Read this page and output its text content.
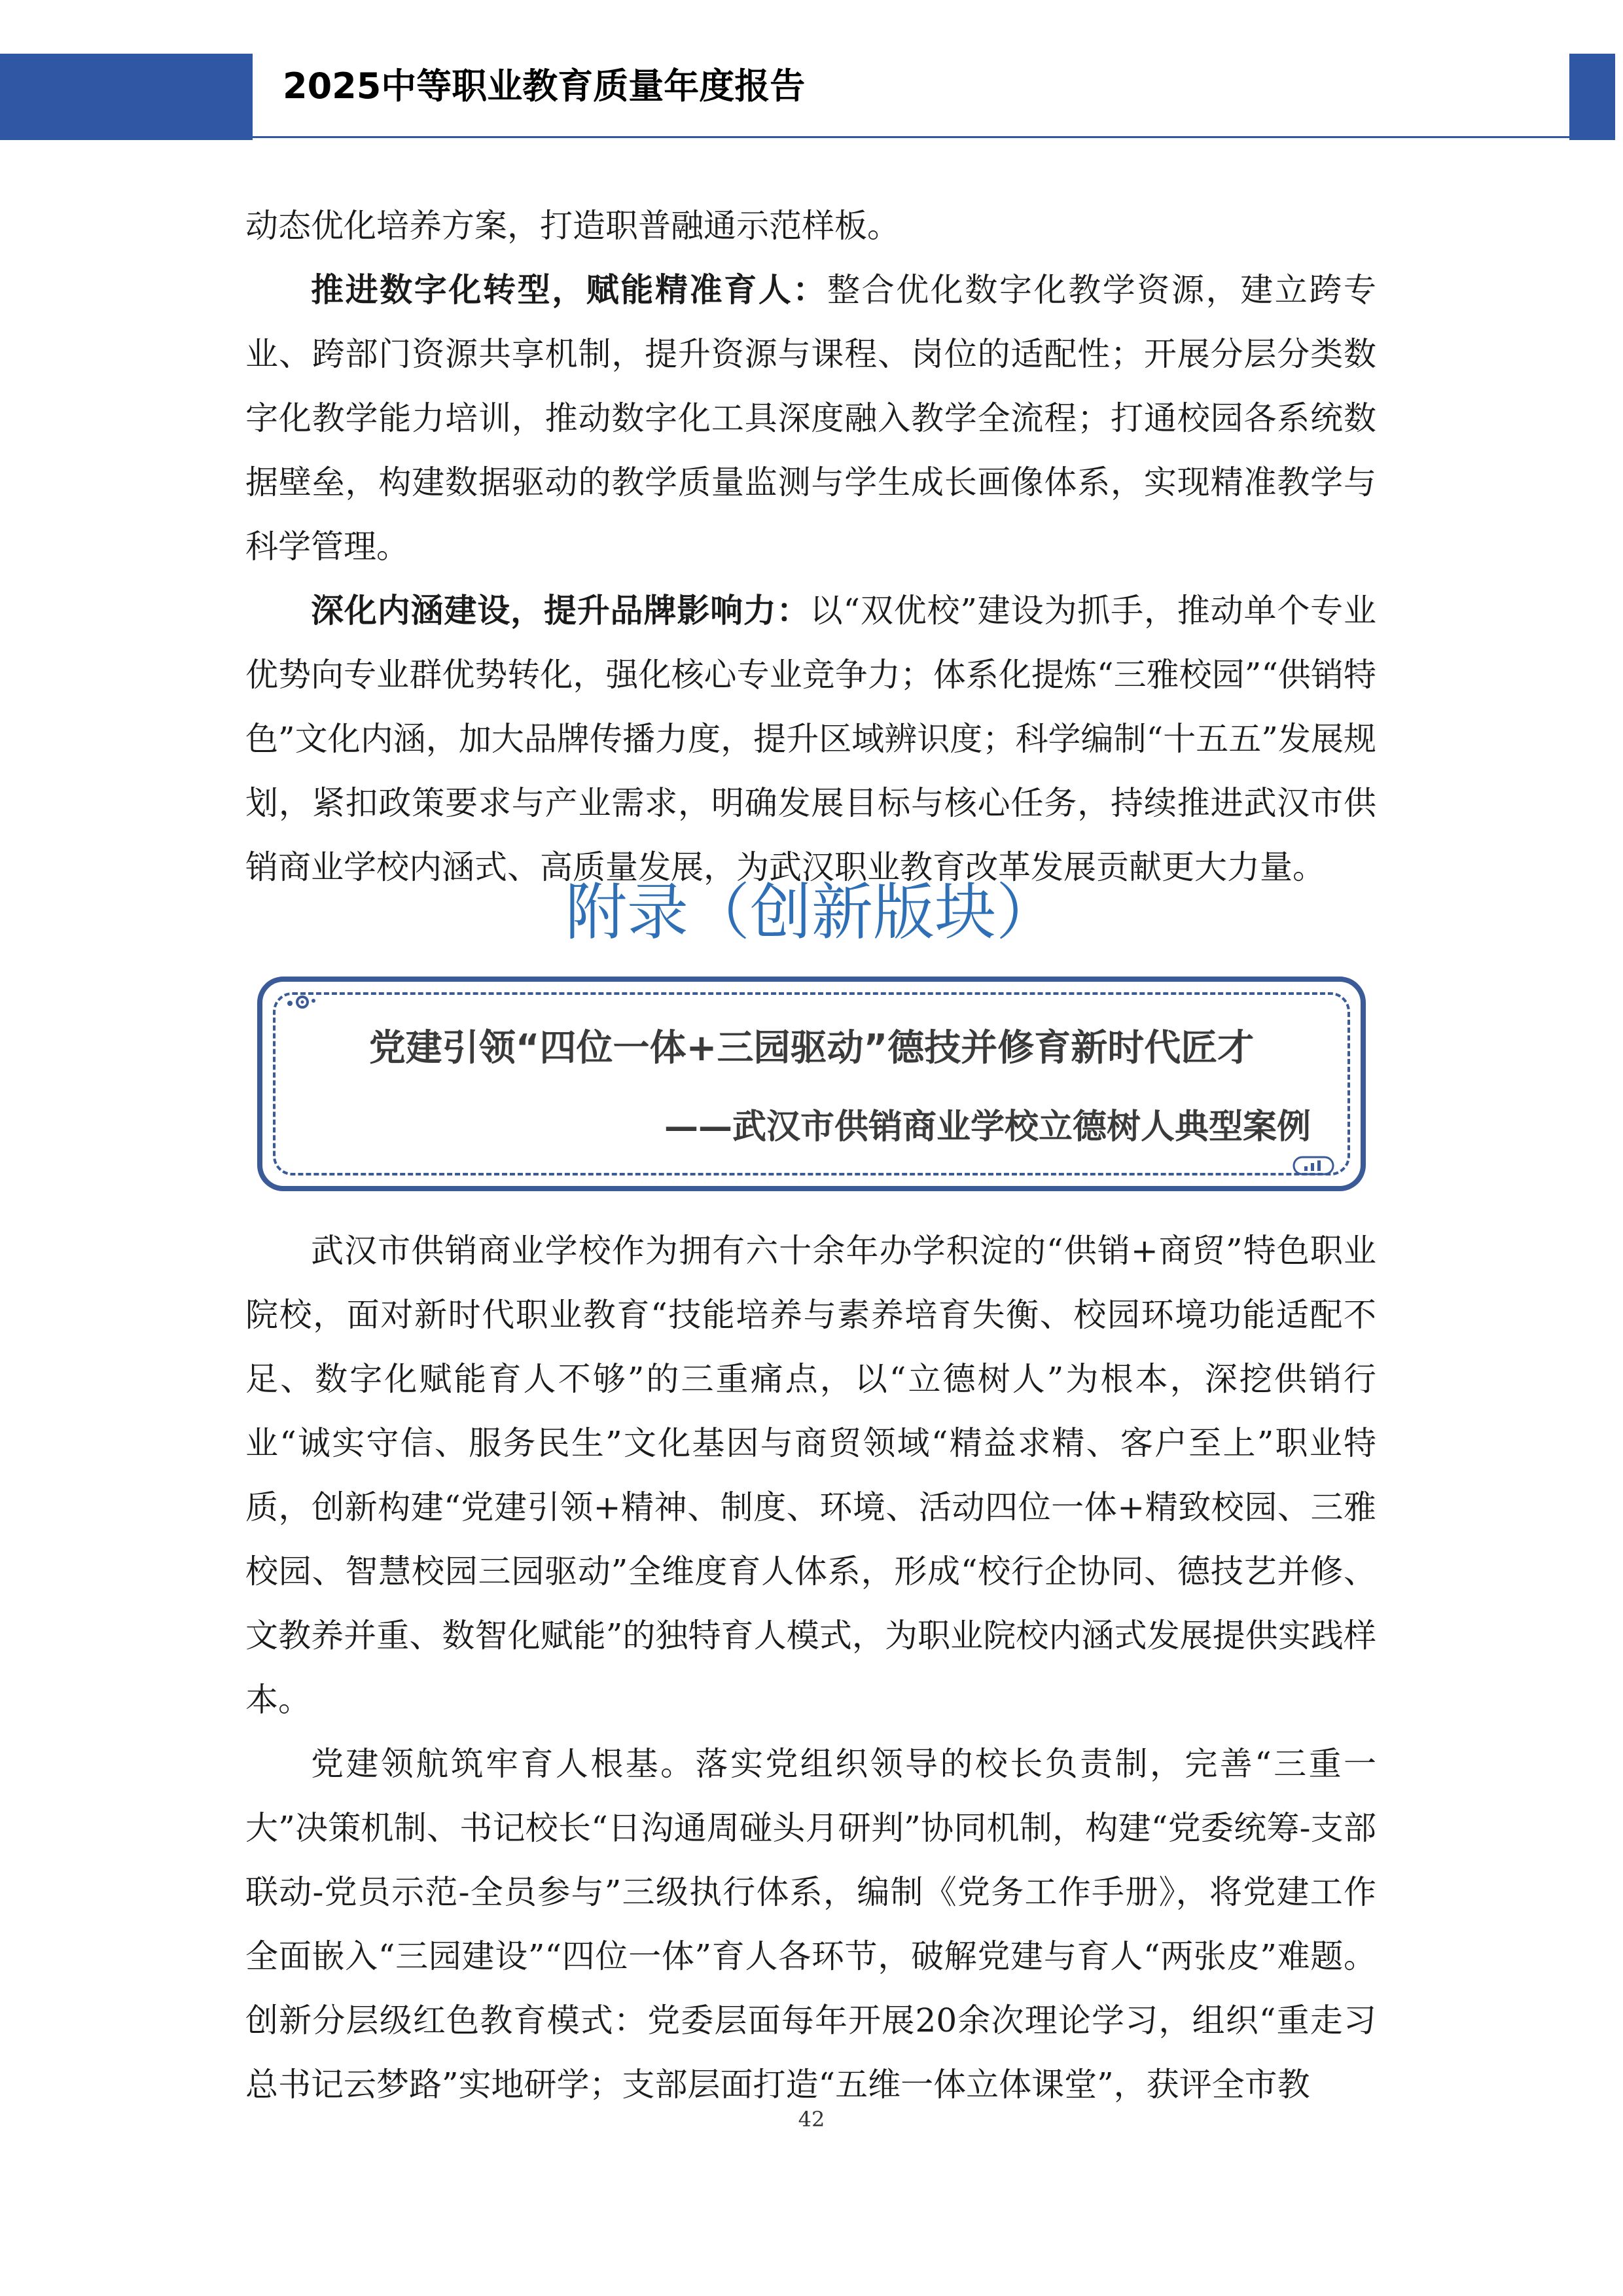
2025中等职业教育质量年度报告

动态优化培养方案，打造职普融通示范样板。

推进数字化转型，赋能精准育人：整合优化数字化教学资源，建立跨专业、跨部门资源共享机制，提升资源与课程、岗位的适配性；开展分层分类数字化教学能力培训，推动数字化工具深度融入教学全流程；打通校园各系统数据壁垒，构建数据驱动的教学质量监测与学生成长画像体系，实现精准教学与科学管理。

深化内涵建设，提升品牌影响力：以“双优校”建设为抓手，推动单个专业优势向专业群优势转化，强化核心专业竞争力；体系化提炼“三雅校园”“供销特色”文化内涵，加大品牌传播力度，提升区域辨识度；科学编制“十五五”发展规划，紧扣政策要求与产业需求，明确发展目标与核心任务，持续推进武汉市供销商业学校内涵式、高质量发展，为武汉职业教育改革发展贡献更大力量。

附录（创新版块）
党建引领“四位一体+三园驱动”德技并修育新时代匠才
——武汉市供销商业学校立德树人典型案例

武汉市供销商业学校作为拥有六十余年办学积淀的“供销+商贸”特色职业院校，面对新时代职业教育“技能培养与素养培育失衡、校园环境功能适配不足、数字化赋能育人不够”的三重痛点，以“立德树人”为根本，深挖供销行业“诚实守信、服务民生”文化基因与商贸领域“精益求精、客户至上”职业特质，创新构建“党建引领+精神、制度、环境、活动四位一体+精致校园、三雅校园、智慧校园三园驱动”全维度育人体系，形成“校行企协同、德技艺并修、文教养并重、数智化赋能”的独特育人模式，为职业院校内涵式发展提供实践样本。

党建领航筑牢育人根基。落实党组织领导的校长负责制，完善“三重一大”决策机制、书记校长“日沟通周碰头月研判”协同机制，构建“党委统筹-支部联动-党员示范-全员参与”三级执行体系，编制《党务工作手册》，将党建工作全面嵌入“三园建设”“四位一体”育人各环节，破解党建与育人“两张皮”难题。创新分层级红色教育模式：党委层面每年开展20余次理论学习，组织“重走习总书记云梦路”实地研学；支部层面打造“五维一体立体课堂”，获评全市教

42
